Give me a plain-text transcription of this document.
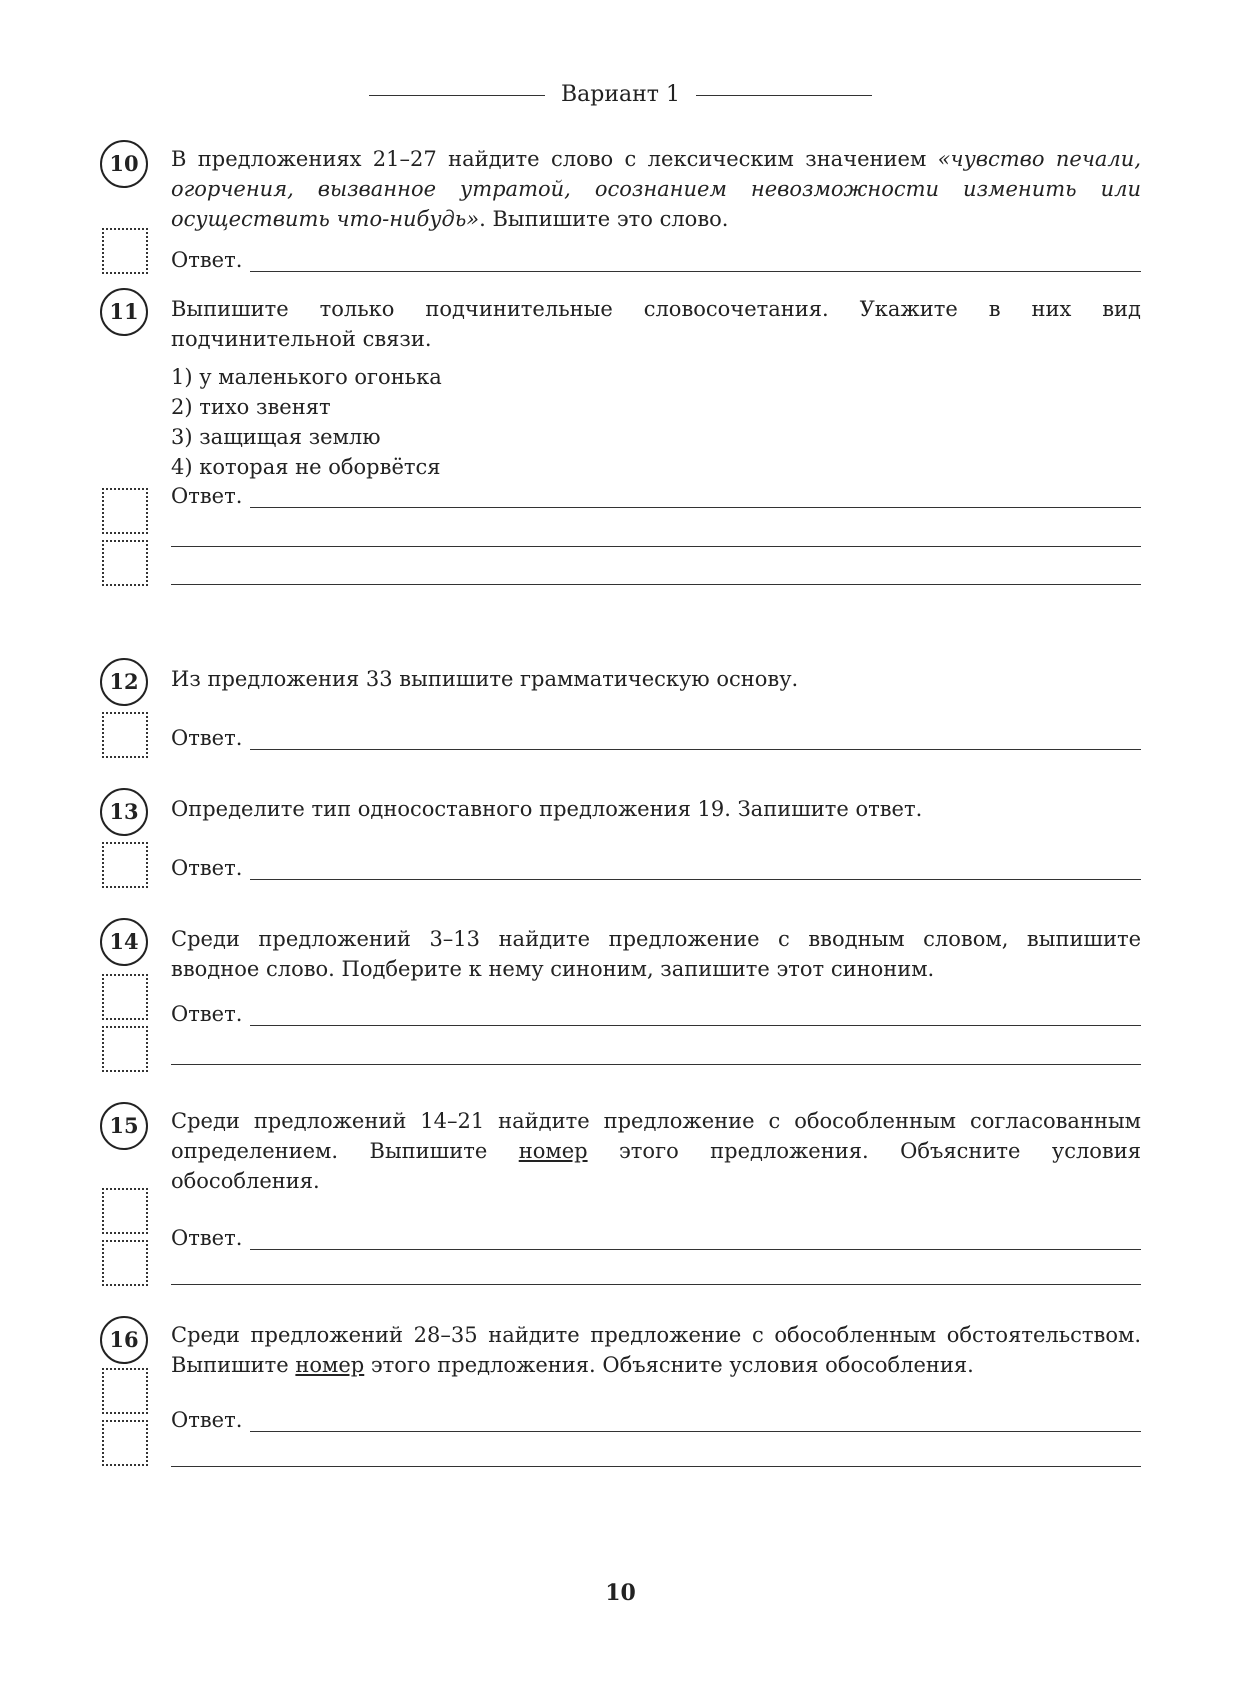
Вариант 1
10	В предложениях 21–27 найдите слово с лексическим значением «чувство печали, огорчения, вызванное утратой, осознанием невозможности изменить или осуществить что-нибудь». Выпишите это слово.
Ответ.
11	Выпишите только подчинительные словосочетания. Укажите в них вид подчинительной связи.
1) у маленького огонька
2) тихо звенят
3) защищая землю
4) которая не оборвётся
Ответ.
12	Из предложения 33 выпишите грамматическую основу.
Ответ.
13	Определите тип односоставного предложения 19. Запишите ответ.
Ответ.
14	Среди предложений 3–13 найдите предложение с вводным словом, выпишите вводное слово. Подберите к нему синоним, запишите этот синоним.
Ответ.
15	Среди предложений 14–21 найдите предложение с обособленным согласованным определением. Выпишите номер этого предложения. Объясните условия обособления.
Ответ.
16	Среди предложений 28–35 найдите предложение с обособленным обстоятельством. Выпишите номер этого предложения. Объясните условия обособления.
Ответ.
10
